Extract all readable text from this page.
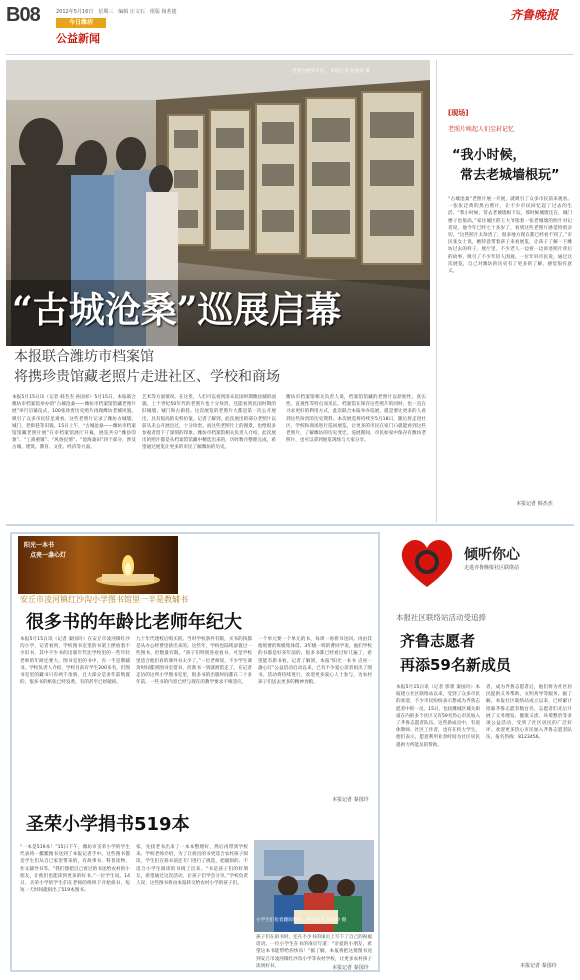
B08	2012年5月16日　星期三　编辑 庄文石　组版 杨茗捷
今日潍坊
公益新闻
齐鲁晚报
老照片展受市民、 本报记者 孙国祥 摄
“古城沧桑”巡展启幕
本报联合潍坊市档案馆
将携珍贵馆藏老照片走进社区、学校和商场
本报5月15日讯（记者 韩杰杰 孙国祥）5月15日，本报联合潍坊市档案馆举办的“古城沧桑——潍坊市档案馆馆藏老照片展”举行启幕仪式，100张珍贵历史照片再现潍坊老城风貌，吸引了众多市民驻足观看。这些老照片记录了潍坊古城墙、城门、老街巷等旧貌。15日上午，“古城沧桑——潍坊市档案馆馆藏老照片展”在市档案馆展厅开幕，展览共分“潍县印象”、“工商重镇”、“风俗民情”、“沧海桑田”四个部分，涉及古城、建筑、教育、文化、经济等方面。
艺术等方面情况。在这里，人们可以看到清末民国时期潍县城的面貌，上个世纪50年代的老照片也十分珍贵。还能看到民国时期的旧城墙、城门和古街巷。这次展览的老照片大都是第一次公开展出，具有很高的史料价值。记者了解到，此次展出的部分老照片以前从未公开展出过，十分珍贵。而这些老照片上的图景，也给很多参观者留下了深刻的印象。潍坊市档案馆相关负责人介绍，此次展出的照片都是从档案馆馆藏中精选出来的，历时数月整理完成，希望通过展览让更多的市民了解潍坊的历史。
潍坊市档案馆相关负责人说，档案馆馆藏的老照片以原始性、真实性、直观性等特点而见长，档案馆在保存这些照片的同时，也一直在寻求更好的利用方式，此次联合本报举办巡展，就是要让更多的人看到这些珍贵的历史资料。本次展览将持续至5月18日，随后将走进社区、学校和商场进行巡回展览，让更多的市民在家门口就能看到这些老照片，了解潍坊的历史变迁。巡展期间，市民如家中保存有潍坊老照片，也可以拿到展览现场与大家分享。
[现场]
老照片唤起人们尘封记忆
“我小时候，
常去老城墙根玩”
“古城沧桑”老照片展一开展，就吸引了众多市民前来观看。一张张泛黄的黑白照片，让不少市民回忆起了过去的生活。“我小时候，常去老城墙根下玩，那时候城墙还在，城门楼子也很高。”家住城区的王大爷指着一张老城墙的照片对记者说，他今年已经七十多岁了，看到这些老照片感觉特别亲切。“这些照片太珍贵了，很多地方现在都已经看不到了。”市民张女士说，她特意带着孩子来看展览，让孩子了解一下潍坊过去的样子。展厅里，不少老人一边看一边讲述照片背后的故事，吸引了不少年轻人围观。一位年轻市民说，通过这次展览，自己对潍坊的历史有了更多的了解，感觉很有意义。
本报记者 韩杰杰
阳光一本书
点亮一盏心灯
安丘市凌河镇红沙沟小学图书馆里一半是教辅书
很多书的年龄比老师年纪大
本报5月15日讯（记者 秦国玲）在安丘市凌河镇红沙沟小学，记者看到，学校图书室里的书架上摆放着不少旧书，其中不少书的出版年代比学校里的一些年轻老师的年龄还要大。图书室里的书中，有一半是教辅书。学校负责人介绍，学校目前有学生200多名，但图书室里的藏书只有两千余册，且大部分是多年前购置的，很多书的纸张已经发黄，有的甚至已经破损。
九十年代建校后购买的。当时学校条件有限，买书的钱都是从办公经费里挤出来的。这些年，学校也陆续添置过一些图书，但数量有限。“孩子们特别喜欢看书，可是学校里适合他们看的课外书太少了。”一位老师说，不少学生课余时间都到图书室借书，但新书一到就被借走了。在记者走访的这所小学图书室里，很多书的出版时间都在二十多年前，一些书的内容已经与现在的教学要求不相适应。
一个单元要一个单元的书，每周一再将书送回。再由其他班要的班级集体借。3年级一班的曹同学说，他们学校的书都是好多年前的，很多书都已经看过好几遍了，希望能有新书看。记者了解到，本报“阳光一本书 点亮一盏心灯”公益活动启动以来，已有不少爱心读者捐出了图书。活动将持续进行，欢迎更多爱心人士参与，为农村孩子们送去更多的精神食粮。
本报记者 秦国玲
圣荣小学捐书519本
“一本是519本！”15日下午，潍坊市圣荣小学的学生代表将一摞摞图书送到了本报记者手中。这些图书都是学生们从自己家里带来的，有故事书、科普读物、作文辅导书等。“我们想把自己看过的书送给农村的小朋友，让他们也能读到更多的好书。”一位学生说。14日，圣荣小学的学生们在老师的组织下开始捐书，短短一天时间就捐出了519本图书。
家，先找老书出来了一本本整理好，然后再带到学校来。学校老师介绍，为了让捐出的书更适合农村孩子阅读，学生们在捐书前还专门进行了挑选，把破损的、不适合小学生阅读的书挑了出来。“书是孩子们的好朋友，希望通过这次活动，让孩子们学会分享。”学校负责人说，这些图书将由本报转交给农村小学的孩子们。
小学生们抢着翻阅图书。本报记者 秦国玲 摄
孩子们在捐书时，还在不少书的扉页上写下了自己的祝福话语。一位小学生在书的扉页写道：“亲爱的小朋友，希望这本书能带给你快乐！”据了解，本报将把这批图书送到安丘市凌河镇红沙沟小学等农村学校，让更多农村孩子读到好书。	本报记者 秦国玲
倾听你心
走进齐鲁晚报社区联络站
本报社区联络站活动受追捧
齐鲁志愿者
再添59名新成员
本报5月15日讯（记者 郭蕾 秦国玲）本报建立社区联络站以来，受到了众多市民的欢迎，不少市民纷纷表示想成为齐鲁志愿者中的一员。15日，包括潍城区城关街道在内的多个社区又有59名热心市民加入了齐鲁志愿者队伍。这些新成员中，有退休教师、社区工作者，也有在校大学生。他们表示，愿意利用业余时间为社区居民提供力所能及的帮助。
者，成为齐鲁志愿者后，他们将为社区居民提供义务帮助、文明劝导等服务。据了解，本报社区联络站成立以来，已经累计招募齐鲁志愿者数百名，志愿者们先后开展了义务理发、健康义诊、环境整治等多项公益活动，受到了社区居民的广泛好评。欢迎更多热心市民加入齐鲁志愿者队伍，报名热线：8123456。
本报记者 秦国玲
